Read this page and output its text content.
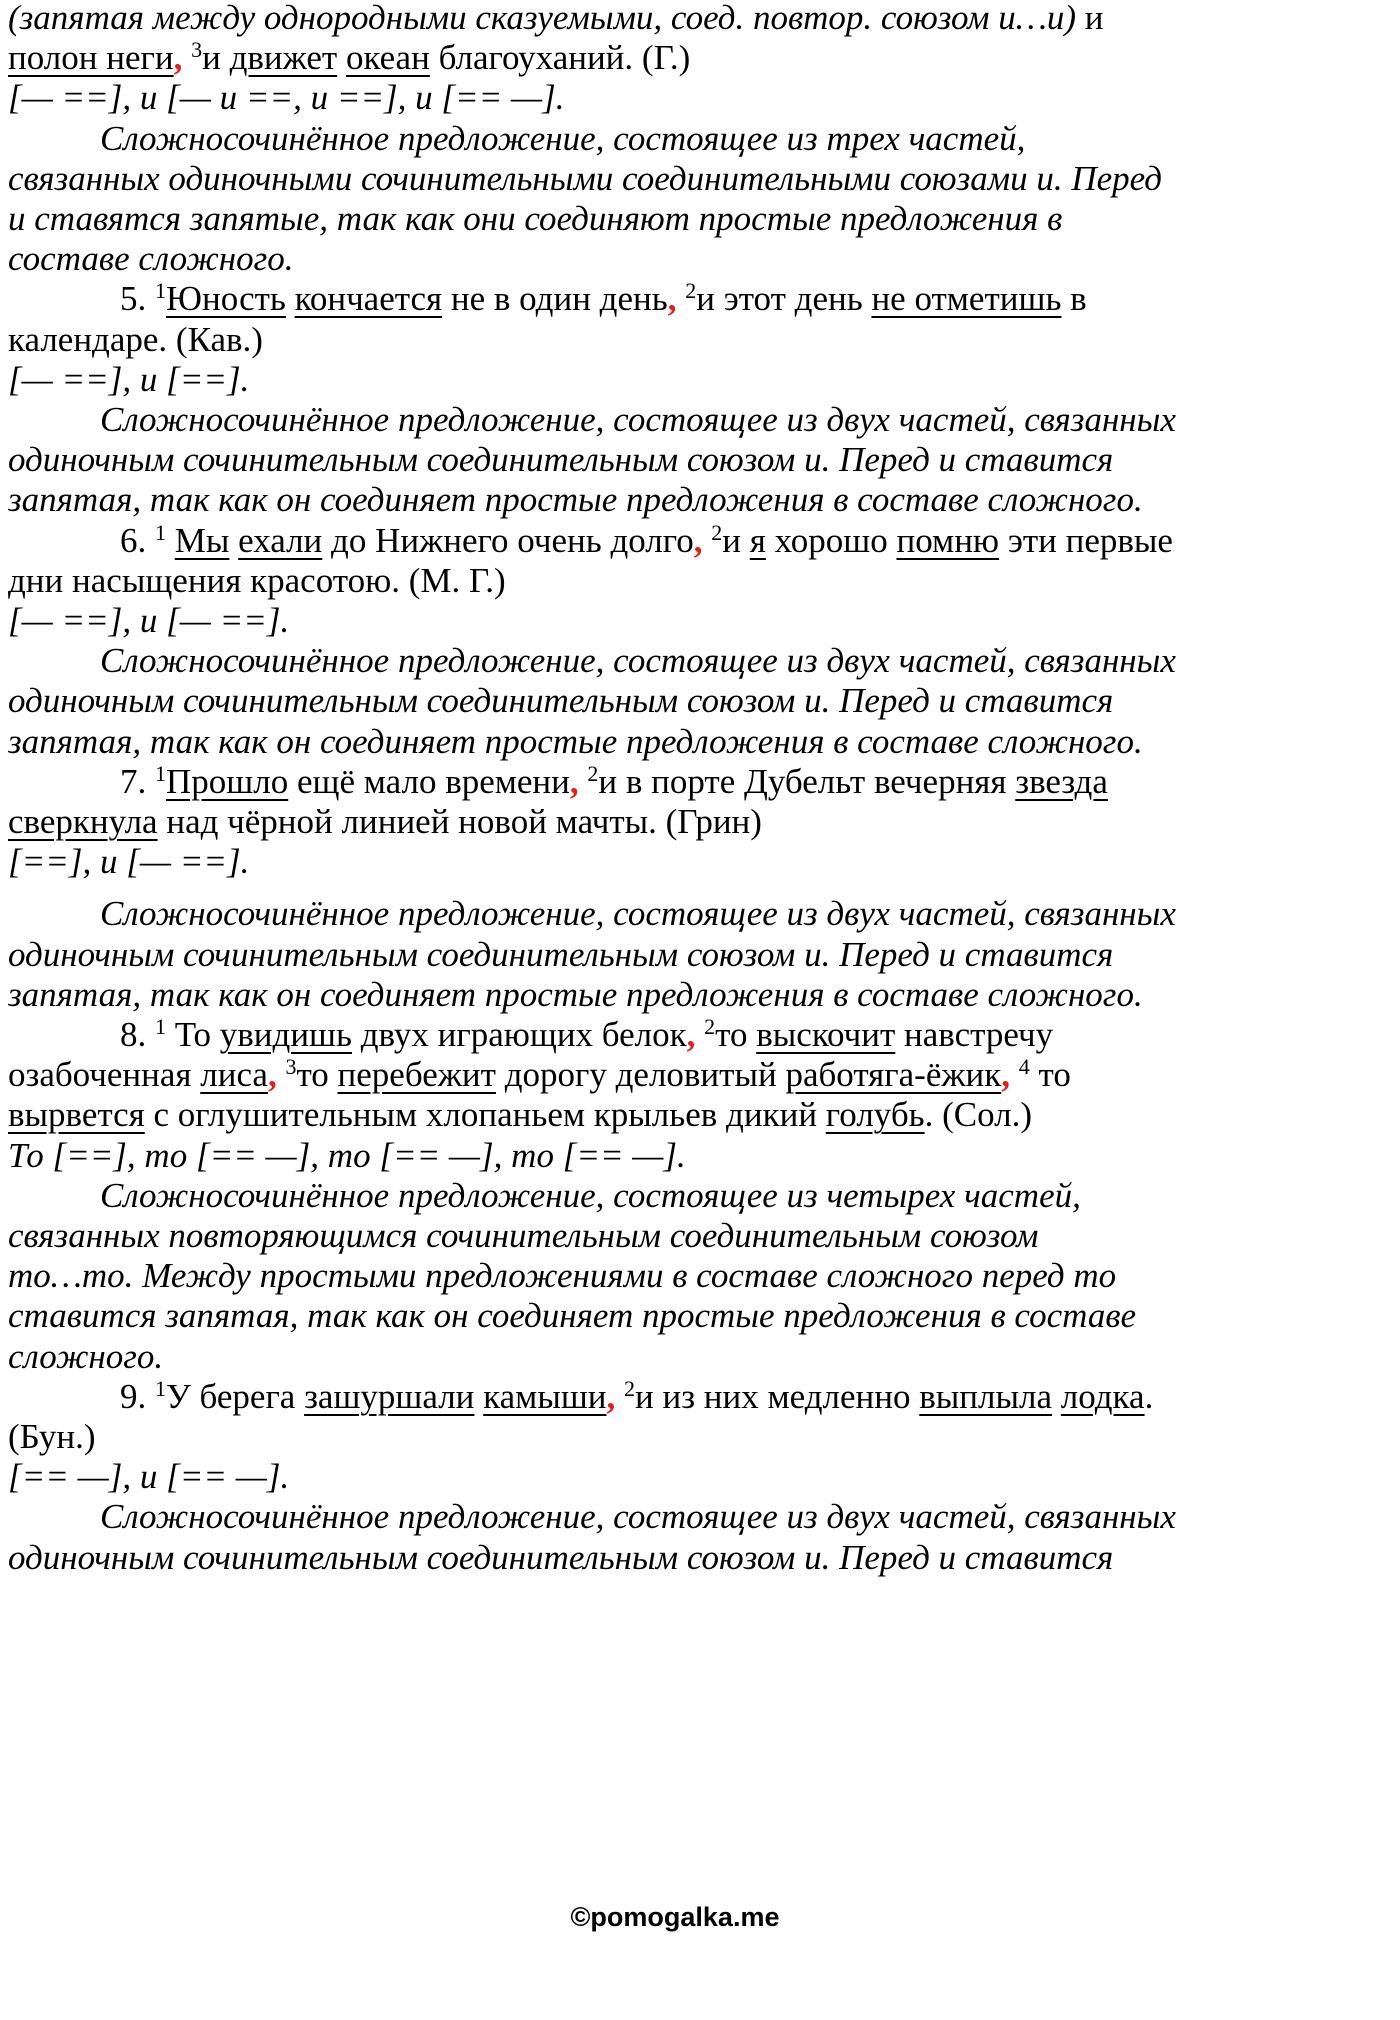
(запятая между однородными сказуемыми, соед. повтор. союзом и…и) и
полон неги, $^3$и движет океан благоуханий. (Г.)
[— ==], и [— и ==, и ==], и [== —].
Сложносочинённое предложение, состоящее из трех частей,
связанных одиночными сочинительными соединительными союзами и. Перед
и ставятся запятые, так как они соединяют простые предложения в
составе сложного.
5. $^1$Юность кончается не в один день, $^2$и этот день не отметишь в
календаре. (Кав.)
[— ==], и [==].
Сложносочинённое предложение, состоящее из двух частей, связанных
одиночным сочинительным соединительным союзом и. Перед и ставится
запятая, так как он соединяет простые предложения в составе сложного.
6. $^1$ Мы ехали до Нижнего очень долго, $^2$и я хорошо помню эти первые
дни насыщения красотою. (М. Г.)
[— ==], и [— ==].
Сложносочинённое предложение, состоящее из двух частей, связанных
одиночным сочинительным соединительным союзом и. Перед и ставится
запятая, так как он соединяет простые предложения в составе сложного.
7. $^1$Прошло ещё мало времени, $^2$и в порте Дубельт вечерняя звезда
сверкнула над чёрной линией новой мачты. (Грин)
[==], и [— ==].
Сложносочинённое предложение, состоящее из двух частей, связанных
одиночным сочинительным соединительным союзом и. Перед и ставится
запятая, так как он соединяет простые предложения в составе сложного.
8. $^1$ То увидишь двух играющих белок, $^2$то выскочит навстречу
озабоченная лиса, $^3$то перебежит дорогу деловитый работяга-ёжик, $^4$ то
вырвется с оглушительным хлопаньем крыльев дикий голубь. (Сол.)
То [==], то [== —], то [== —], то [== —].
Сложносочинённое предложение, состоящее из четырех частей,
связанных повторяющимся сочинительным соединительным союзом
то…то. Между простыми предложениями в составе сложного перед то
ставится запятая, так как он соединяет простые предложения в составе
сложного.
9. $^1$У берега зашуршали камыши, $^2$и из них медленно выплыла лодка.
(Бун.)
[== —], и [== —].
Сложносочинённое предложение, состоящее из двух частей, связанных
одиночным сочинительным соединительным союзом и. Перед и ставится
©pomogalka.me
